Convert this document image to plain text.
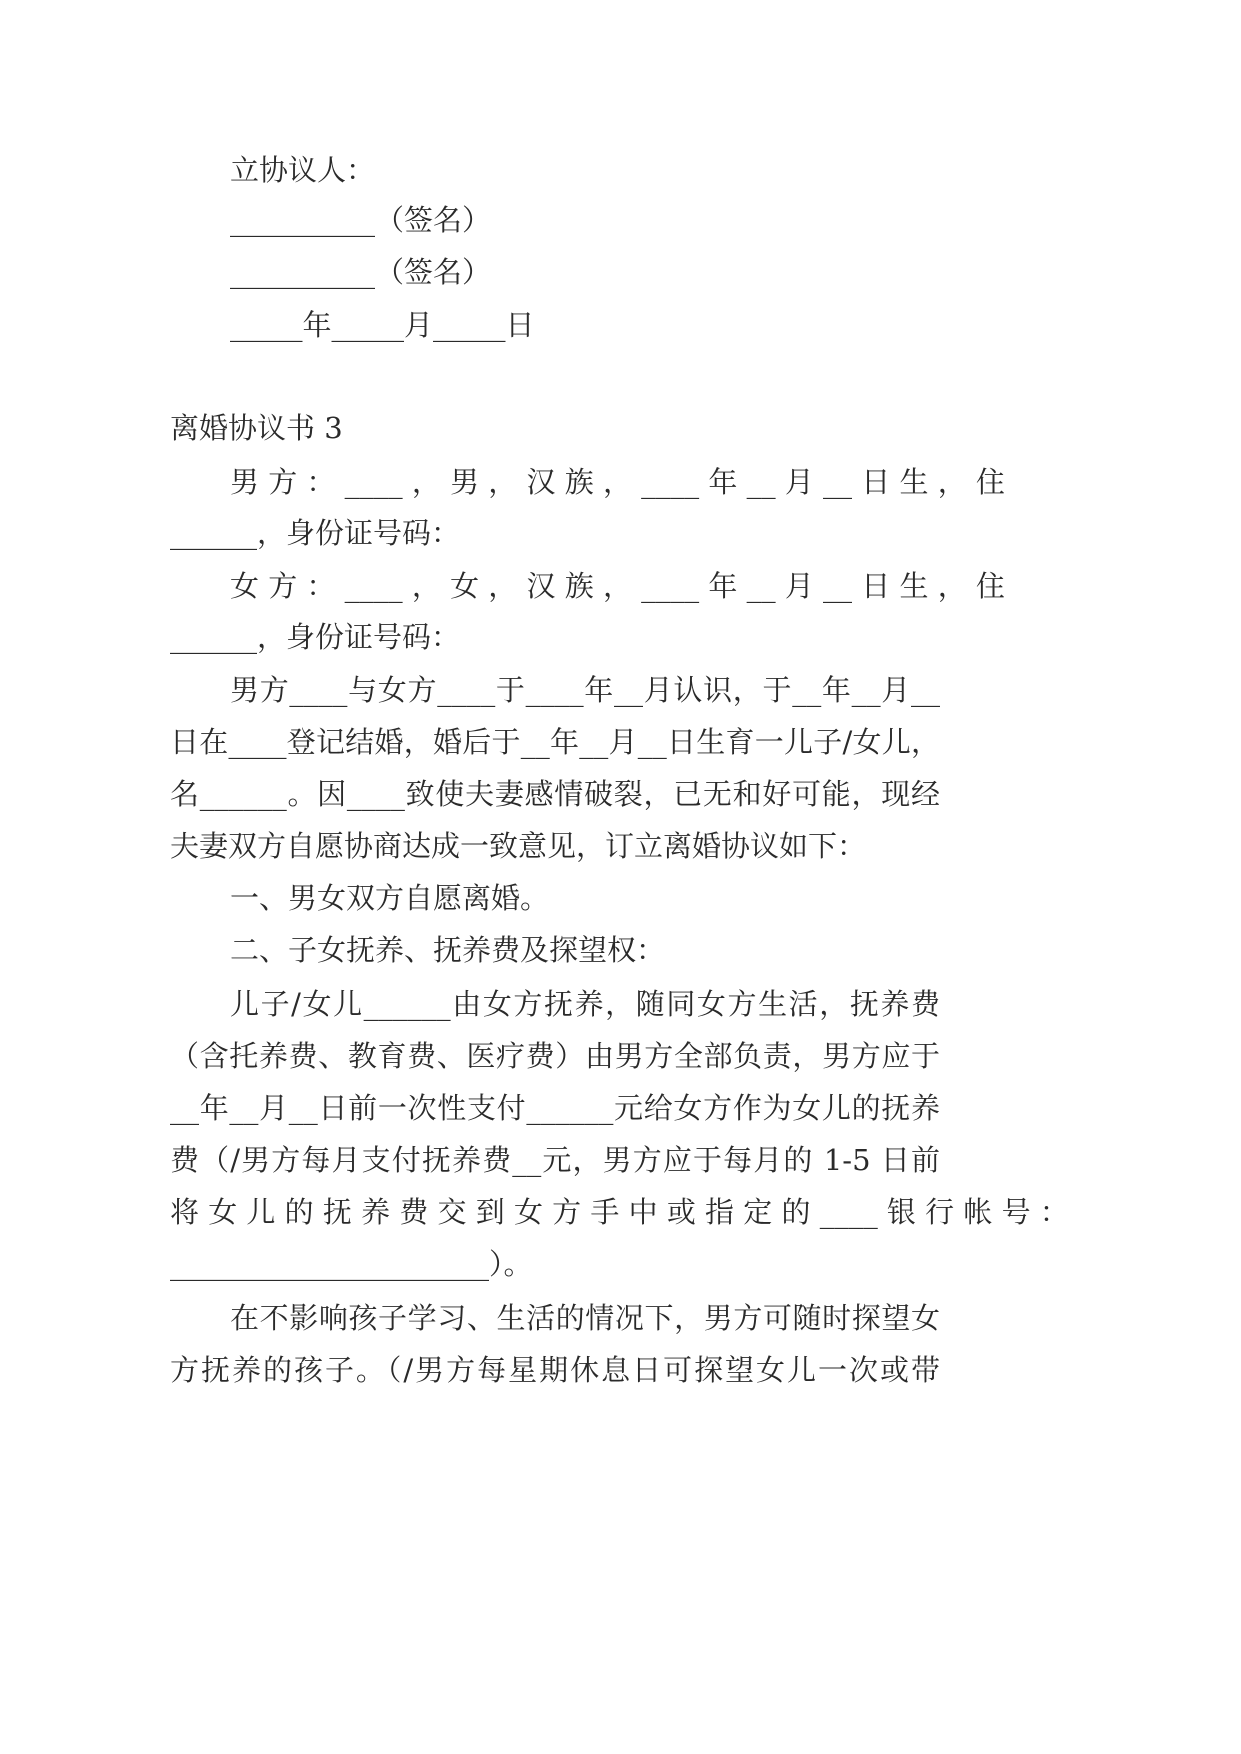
立协议人：

__________（签名）

__________（签名）

_____年_____月_____日

离婚协议书 3

男 方 ： ____ ， 男 ， 汉 族 ， ____ 年 __ 月 __ 日 生 ， 住

______，身份证号码：

女 方 ： ____ ， 女 ， 汉 族 ， ____ 年 __ 月 __ 日 生 ， 住

______，身份证号码：

男方____与女方____于____年__月认识，于__年__月__

日在____登记结婚，婚后于__年__月__日生育一儿子/女儿，

名______。因____致使夫妻感情破裂，已无和好可能，现经

夫妻双方自愿协商达成一致意见，订立离婚协议如下：

一、男女双方自愿离婚。

二、子女抚养、抚养费及探望权：

儿子/女儿______由女方抚养，随同女方生活，抚养费

（含托养费、教育费、医疗费）由男方全部负责，男方应于

__年__月__日前一次性支付______元给女方作为女儿的抚养

费（/男方每月支付抚养费__元，男方应于每月的 1-5 日前

将 女 儿 的 抚 养 费 交 到 女 方 手 中 或 指 定 的 ____ 银 行 帐 号 ：

______________________）。

在不影响孩子学习、生活的情况下，男方可随时探望女

方抚养的孩子。（/男方每星期休息日可探望女儿一次或带
